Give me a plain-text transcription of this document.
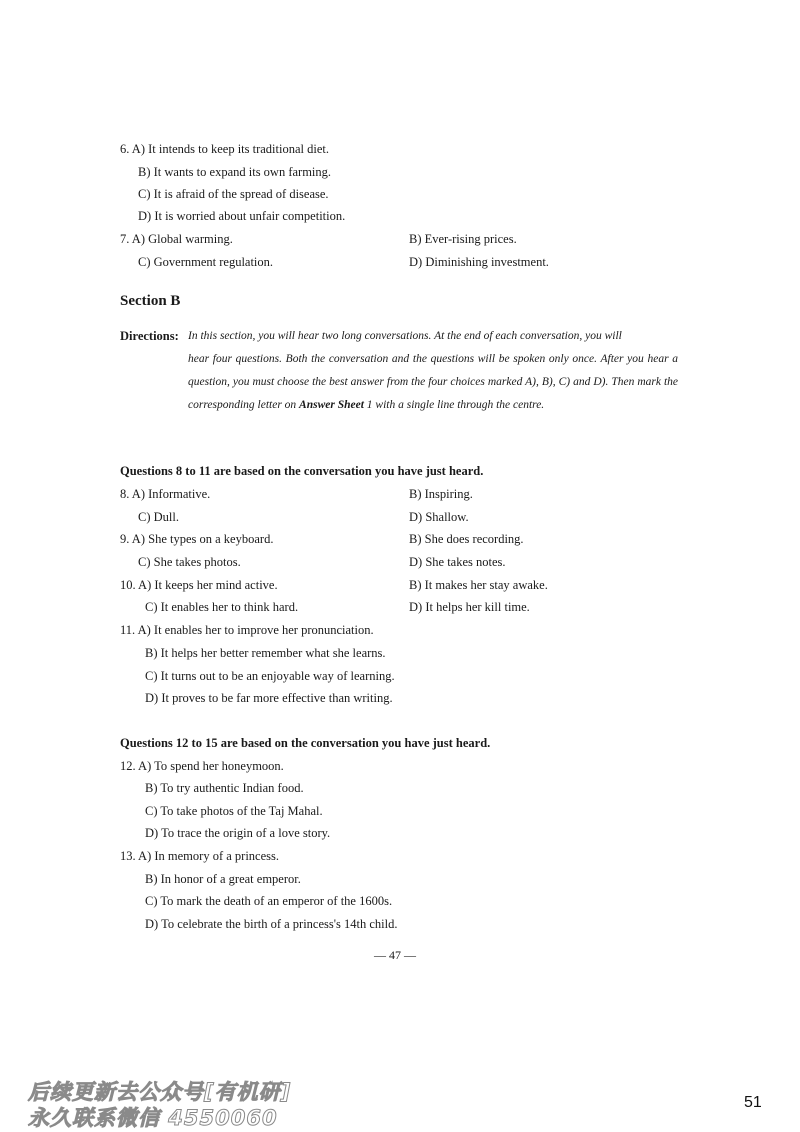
6. A) It intends to keep its traditional diet.
B) It wants to expand its own farming.
C) It is afraid of the spread of disease.
D) It is worried about unfair competition.
7. A) Global warming.	B) Ever-rising prices.
C) Government regulation.	D) Diminishing investment.
Section B
Directions: In this section, you will hear two long conversations. At the end of each conversation, you will
hear four questions. Both the conversation and the questions will be spoken only once. After you hear a question, you must choose the best answer from the four choices marked A), B), C) and D). Then mark the corresponding letter on Answer Sheet 1 with a single line through the centre.
Questions 8 to 11 are based on the conversation you have just heard.
8. A) Informative.	B) Inspiring.
C) Dull.	D) Shallow.
9. A) She types on a keyboard.	B) She does recording.
C) She takes photos.	D) She takes notes.
10. A) It keeps her mind active.	B) It makes her stay awake.
C) It enables her to think hard.	D) It helps her kill time.
11. A) It enables her to improve her pronunciation.
B) It helps her better remember what she learns.
C) It turns out to be an enjoyable way of learning.
D) It proves to be far more effective than writing.
Questions 12 to 15 are based on the conversation you have just heard.
12. A) To spend her honeymoon.
B) To try authentic Indian food.
C) To take photos of the Taj Mahal.
D) To trace the origin of a love story.
13. A) In memory of a princess.
B) In honor of a great emperor.
C) To mark the death of an emperor of the 1600s.
D) To celebrate the birth of a princess's 14th child.
— 47 —
后续更新去公众号[有机研]
永久联系微信 4550060
51
